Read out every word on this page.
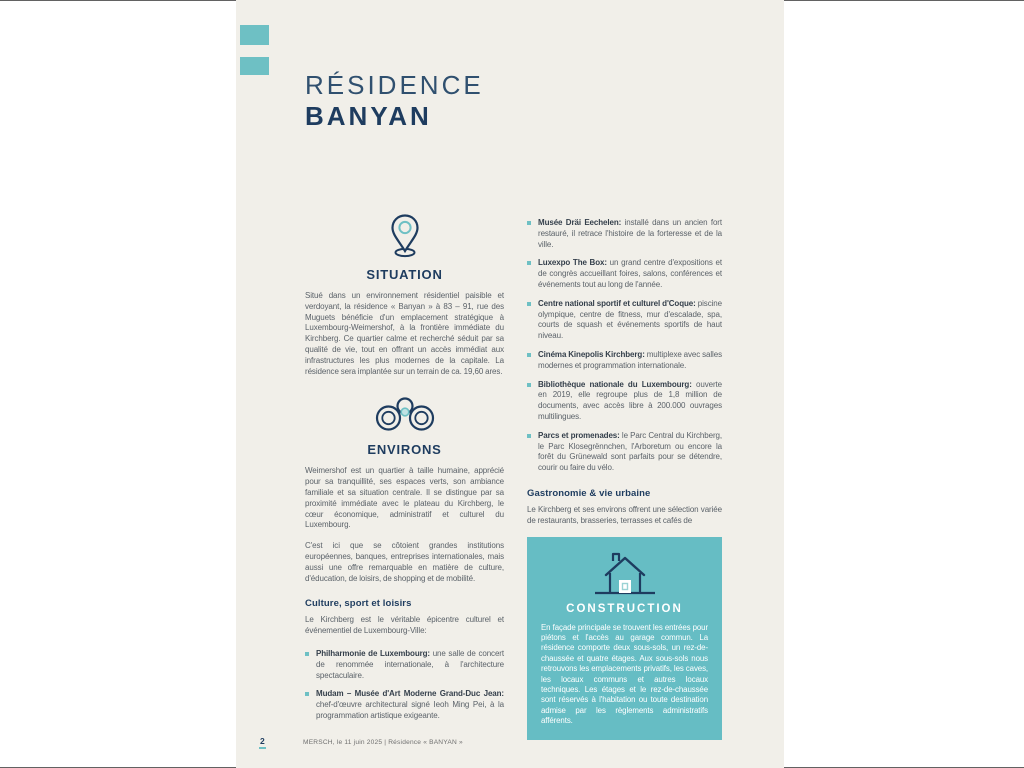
RÉSIDENCE
BANYAN
SITUATION

Situé dans un environnement résidentiel paisible et verdoyant, la résidence « Banyan » à 83 – 91, rue des Muguets bénéficie d'un emplacement stratégique à Luxembourg-Weimershof, à la frontière immédiate du Kirchberg. Ce quartier calme et recherché séduit par sa qualité de vie, tout en offrant un accès immédiat aux infrastructures les plus modernes de la capitale. La résidence sera implantée sur un terrain de ca. 19,60 ares.

ENVIRONS

Weimershof est un quartier à taille humaine, apprécié pour sa tranquillité, ses espaces verts, son ambiance familiale et sa situation centrale. Il se distingue par sa proximité immédiate avec le plateau du Kirchberg, le cœur économique, administratif et culturel du Luxembourg.

C'est ici que se côtoient grandes institutions européennes, banques, entreprises internationales, mais aussi une offre remarquable en matière de culture, d'éducation, de loisirs, de shopping et de mobilité.

Culture, sport et loisirs

Le Kirchberg est le véritable épicentre culturel et événementiel de Luxembourg-Ville:

Philharmonie de Luxembourg: une salle de concert de renommée internationale, à l'architecture spectaculaire.
Mudam – Musée d'Art Moderne Grand-Duc Jean: chef-d'œuvre architectural signé Ieoh Ming Pei, à la programmation artistique exigeante.
Musée Dräi Eechelen: installé dans un ancien fort restauré, il retrace l'histoire de la forteresse et de la ville.
Luxexpo The Box: un grand centre d'expositions et de congrès accueillant foires, salons, conférences et événements tout au long de l'année.
Centre national sportif et culturel d'Coque: piscine olympique, centre de fitness, mur d'escalade, spa, courts de squash et événements sportifs de haut niveau.
Cinéma Kinepolis Kirchberg: multiplexe avec salles modernes et programmation internationale.
Bibliothèque nationale du Luxembourg: ouverte en 2019, elle regroupe plus de 1,8 million de documents, avec accès libre à 200.000 ouvrages multilingues.
Parcs et promenades: le Parc Central du Kirchberg, le Parc Klosegrënnchen, l'Arboretum ou encore la forêt du Grünewald sont parfaits pour se détendre, courir ou faire du vélo.
Gastronomie & vie urbaine

Le Kirchberg et ses environs offrent une sélection variée de restaurants, brasseries, terrasses et cafés de

CONSTRUCTION

En façade principale se trouvent les entrées pour piétons et l'accès au garage commun. La résidence comporte deux sous-sols, un rez-de-chaussée et quatre étages. Aux sous-sols nous retrouvons les emplacements privatifs, les caves, les locaux communs et autres locaux techniques. Les étages et le rez-de-chaussée sont réservés à l'habitation ou toute destination admise par les règlements administratifs afférents.

2	MERSCH, le 11 juin 2025 | Résidence « BANYAN »
